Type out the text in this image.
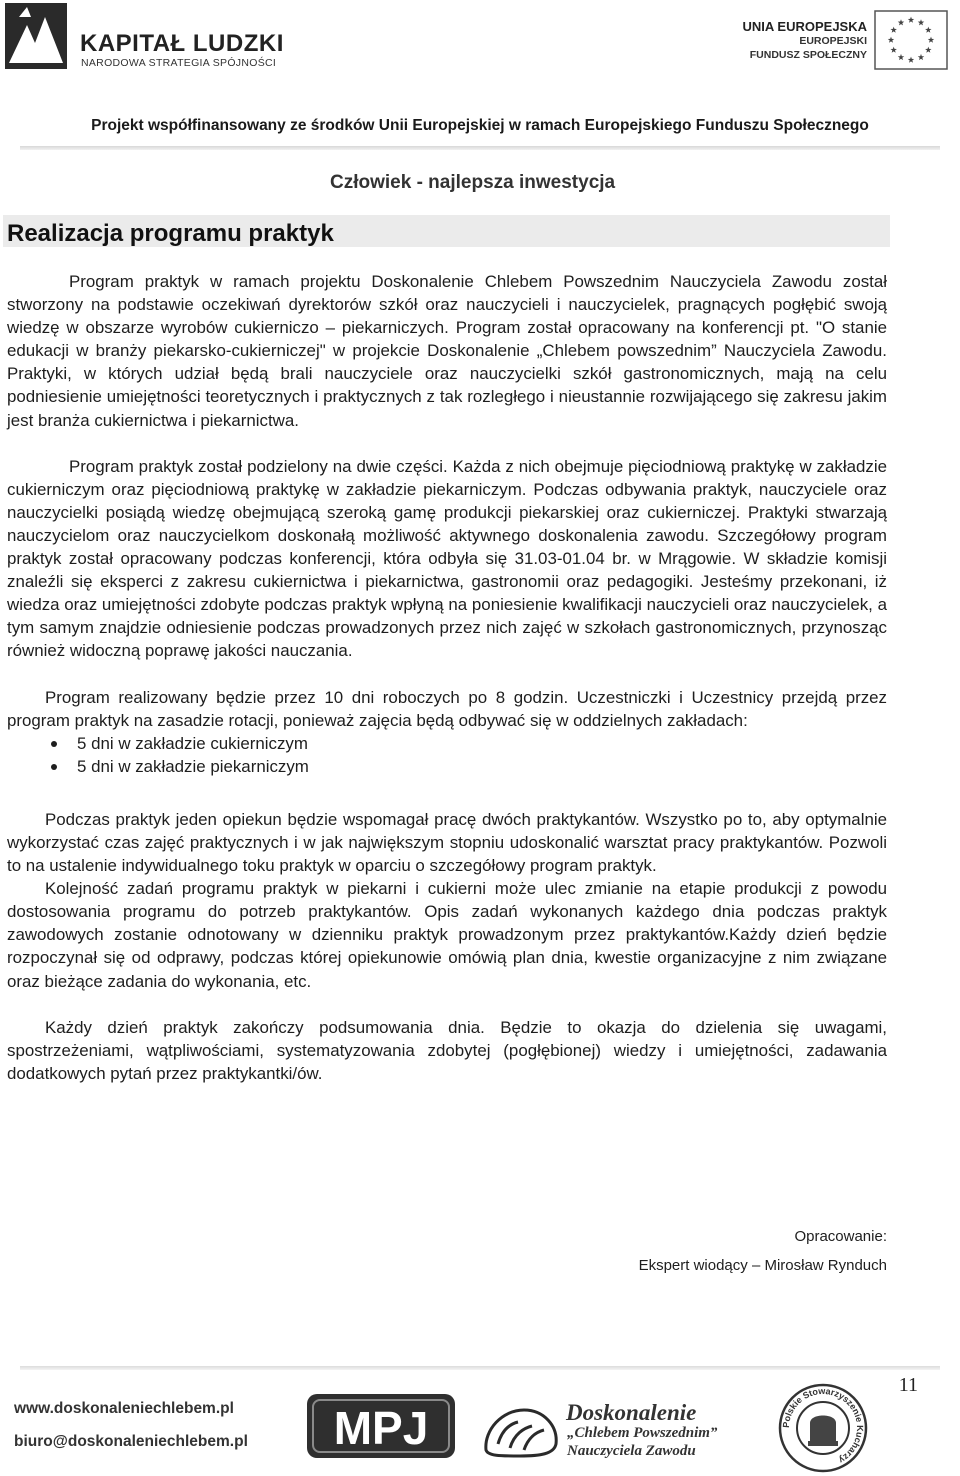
KAPITAŁ LUDZKI
NARODOWA STRATEGIA SPÓJNOŚCI
UNIA EUROPEJSKA
EUROPEJSKI
FUNDUSZ SPOŁECZNY
Projekt współfinansowany ze środków Unii Europejskiej w ramach Europejskiego Funduszu Społecznego
Człowiek - najlepsza inwestycja
Realizacja programu praktyk

Program praktyk w ramach projektu Doskonalenie Chlebem Powszednim Nauczyciela Zawodu został stworzony na podstawie oczekiwań dyrektorów szkół oraz nauczycieli i nauczycielek, pragnących pogłębić swoją wiedzę w obszarze wyrobów cukierniczo – piekarniczych. Program został opracowany na konferencji pt. "O stanie edukacji w branży piekarsko-cukierniczej" w projekcie Doskonalenie „Chlebem powszednim” Nauczyciela Zawodu. Praktyki, w których udział będą brali nauczyciele oraz nauczycielki szkół gastronomicznych, mają na celu podniesienie umiejętności teoretycznych i praktycznych z tak rozległego i nieustannie rozwijającego się zakresu jakim jest branża cukiernictwa i piekarnictwa.

Program praktyk został podzielony na dwie części. Każda z nich obejmuje pięciodniową praktykę w zakładzie cukierniczym oraz pięciodniową praktykę w zakładzie piekarniczym. Podczas odbywania praktyk, nauczyciele oraz nauczycielki posiądą wiedzę obejmującą szeroką gamę produkcji piekarskiej oraz cukierniczej. Praktyki stwarzają nauczycielom oraz nauczycielkom doskonałą możliwość aktywnego doskonalenia zawodu. Szczegółowy program praktyk został opracowany podczas konferencji, która odbyła się 31.03-01.04 br. w Mrągowie. W składzie komisji znaleźli się eksperci z zakresu cukiernictwa i piekarnictwa, gastronomii oraz pedagogiki. Jesteśmy przekonani, iż wiedza oraz umiejętności zdobyte podczas praktyk wpłyną na poniesienie kwalifikacji nauczycieli oraz nauczycielek, a tym samym znajdzie odniesienie podczas prowadzonych przez nich zajęć w szkołach gastronomicznych, przynosząc również widoczną poprawę jakości nauczania.

Program realizowany będzie przez 10 dni roboczych po 8 godzin. Uczestniczki i Uczestnicy przejdą przez program praktyk na zasadzie rotacji, ponieważ zajęcia będą odbywać się w oddzielnych zakładach:

5 dni w zakładzie cukierniczym
5 dni w zakładzie piekarniczym

Podczas praktyk jeden opiekun będzie wspomagał pracę dwóch praktykantów. Wszystko po to, aby optymalnie wykorzystać czas zajęć praktycznych i w jak największym stopniu udoskonalić warsztat pracy praktykantów. Pozwoli to na ustalenie indywidualnego toku praktyk w oparciu o szczegółowy program praktyk.

Kolejność zadań programu praktyk w piekarni i cukierni może ulec zmianie na etapie produkcji z powodu dostosowania programu do potrzeb praktykantów. Opis zadań wykonanych każdego dnia podczas praktyk zawodowych zostanie odnotowany w dzienniku praktyk prowadzonym przez praktykantów.Każdy dzień będzie rozpoczynał się od odprawy, podczas której opiekunowie omówią plan dnia, kwestie organizacyjne z nim związane oraz bieżące zadania do wykonania, etc.

Każdy dzień praktyk zakończy podsumowania dnia. Będzie to okazja do dzielenia się uwagami, spostrzeżeniami, wątpliwościami, systematyzowania zdobytej (pogłębionej) wiedzy i umiejętności, zadawania dodatkowych pytań przez praktykantki/ów.

Opracowanie:
Ekspert wiodący – Mirosław Rynduch
11
www.doskonaleniechlebem.pl
biuro@doskonaleniechlebem.pl MPJ	Doskonalenie
„Chlebem Powszednim”
Nauczyciela Zawodu
Polskie Stowarzyszenie Kucharzy
